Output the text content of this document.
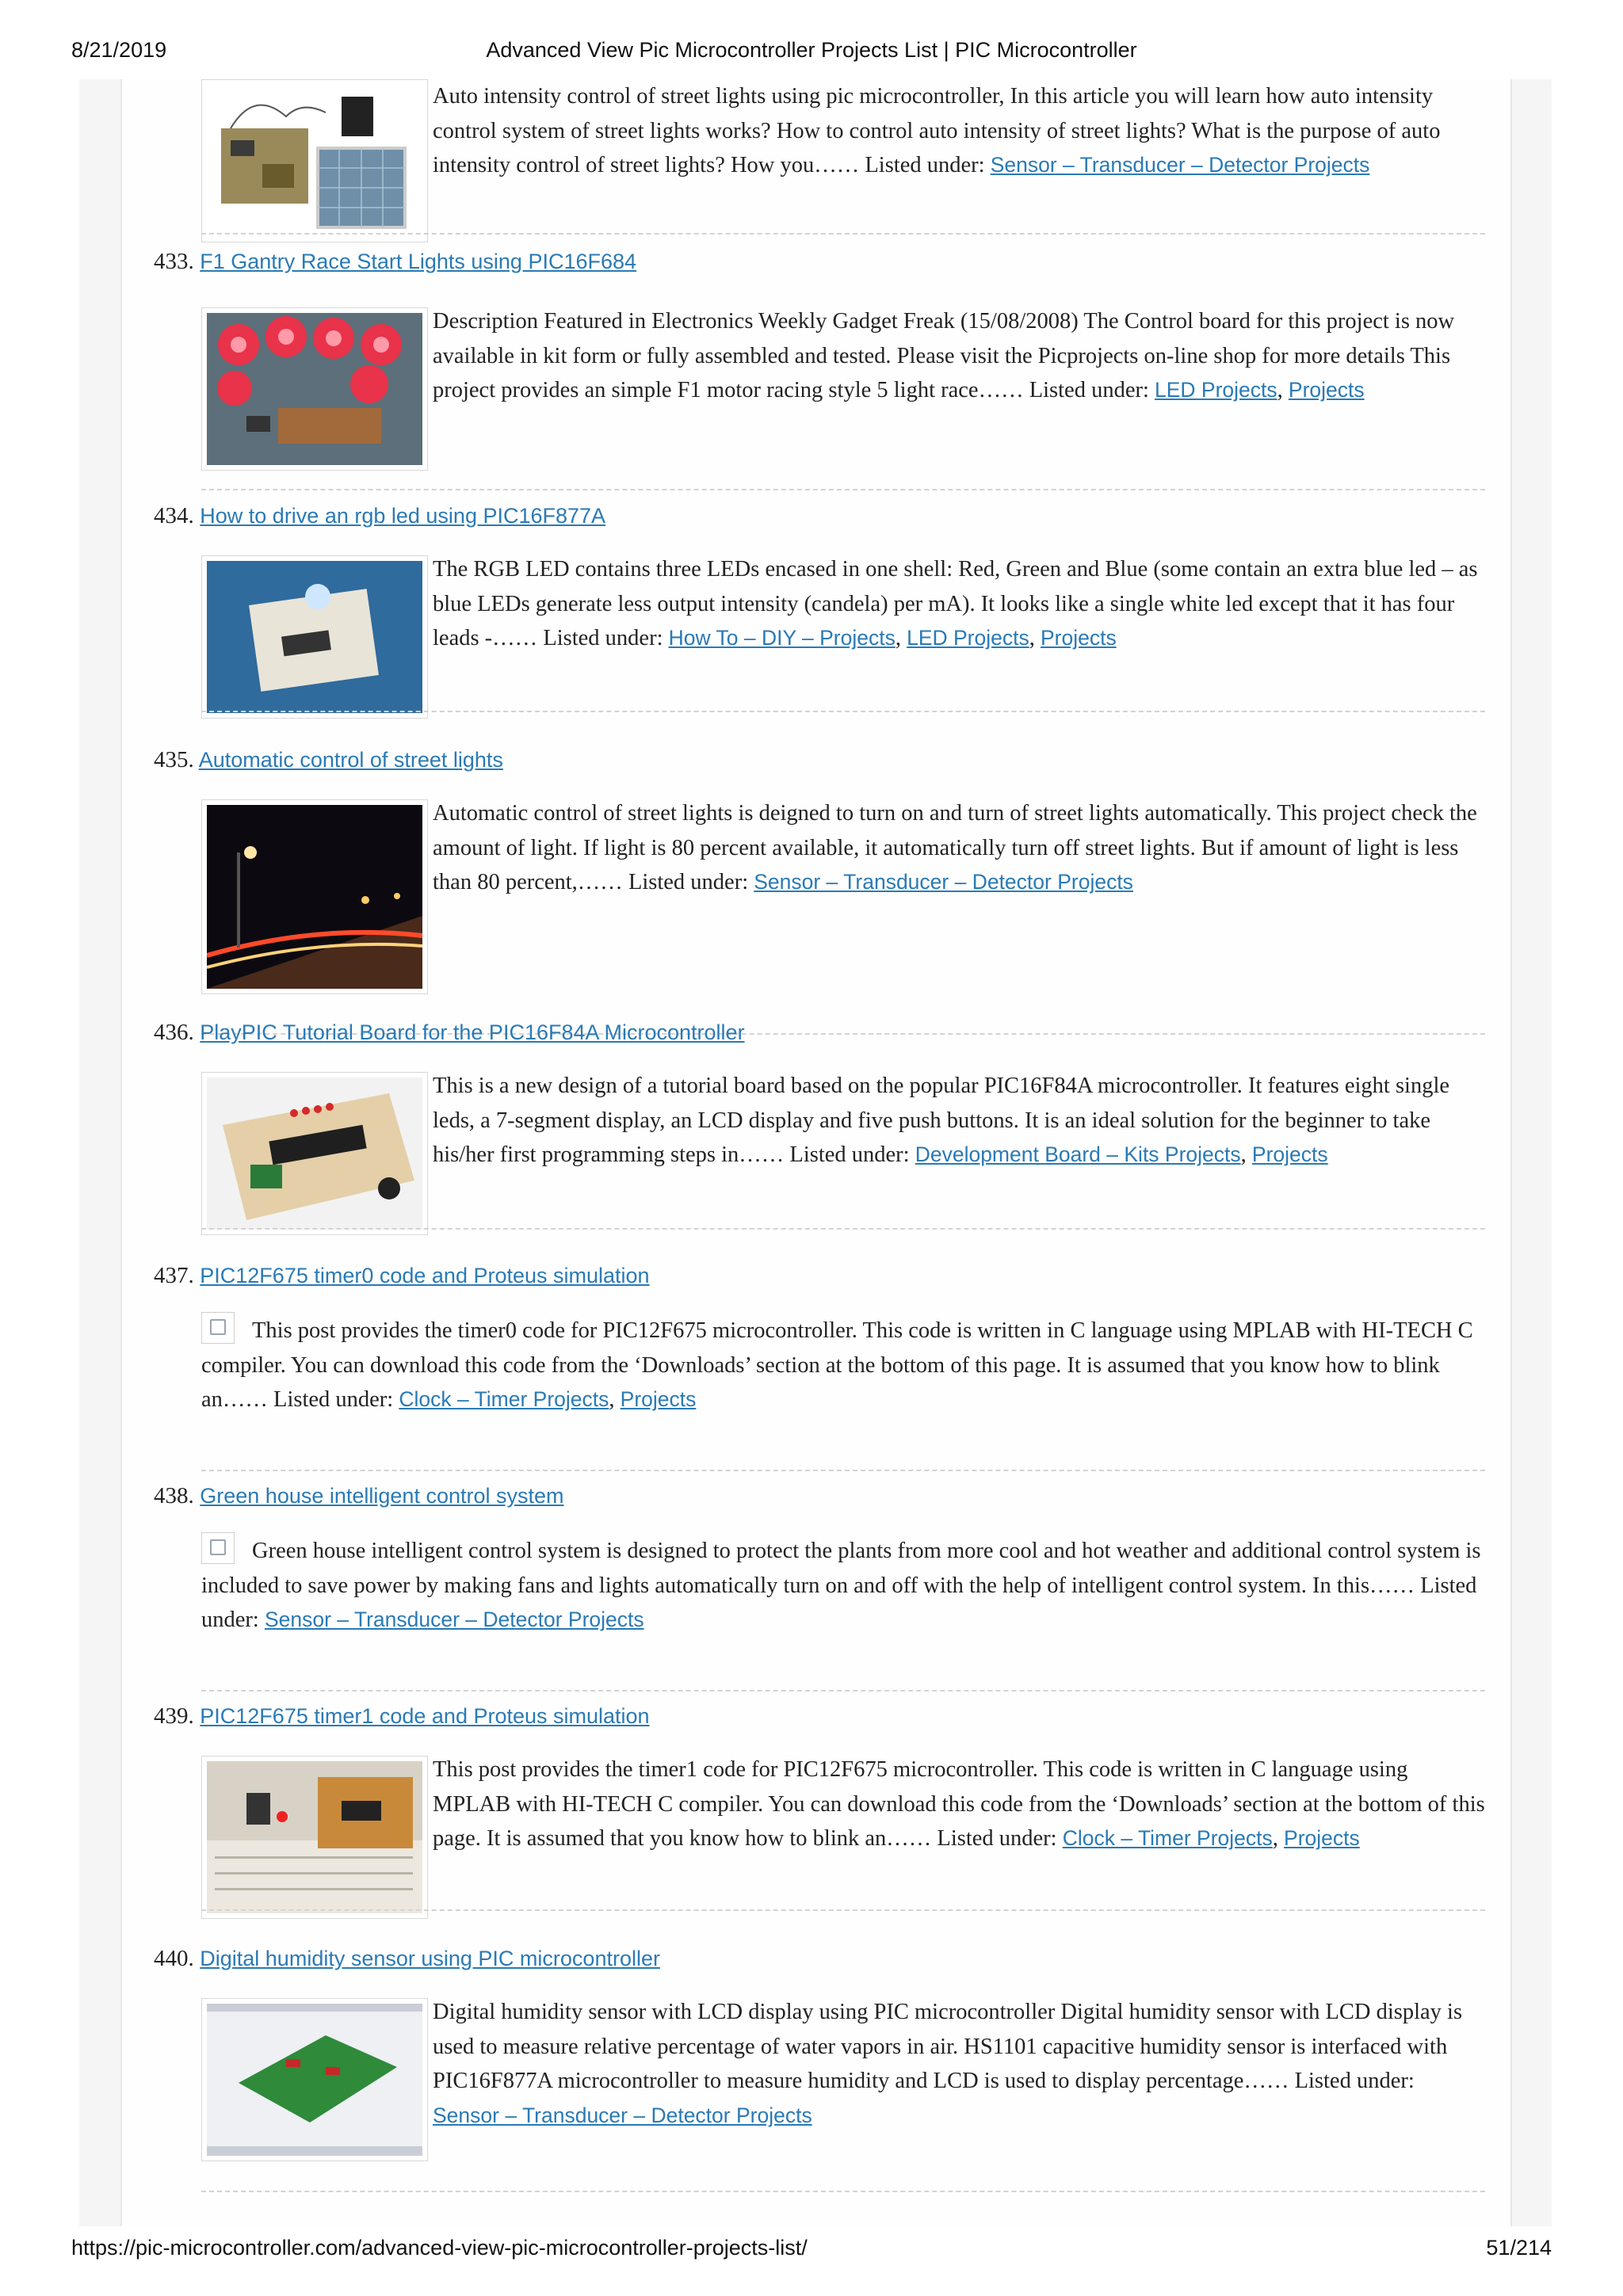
8/21/2019	Advanced View Pic Microcontroller Projects List | PIC Microcontroller
Auto intensity control of street lights using pic microcontroller, In this article you will learn how auto intensity control system of street lights works? How to control auto intensity of street lights? What is the purpose of auto intensity control of street lights? How you…… Listed under: Sensor – Transducer – Detector Projects
433. F1 Gantry Race Start Lights using PIC16F684
Description Featured in Electronics Weekly Gadget Freak (15/08/2008) The Control board for this project is now available in kit form or fully assembled and tested. Please visit the Picprojects on-line shop for more details This project provides an simple F1 motor racing style 5 light race…… Listed under: LED Projects, Projects
434. How to drive an rgb led using PIC16F877A
The RGB LED contains three LEDs encased in one shell: Red, Green and Blue (some contain an extra blue led – as blue LEDs generate less output intensity (candela) per mA). It looks like a single white led except that it has four leads -…… Listed under: How To – DIY – Projects, LED Projects, Projects
435. Automatic control of street lights
Automatic control of street lights is deigned to turn on and turn of street lights automatically. This project check the amount of light. If light is 80 percent available, it automatically turn off street lights. But if amount of light is less than 80 percent,…… Listed under: Sensor – Transducer – Detector Projects
436. PlayPIC Tutorial Board for the PIC16F84A Microcontroller
This is a new design of a tutorial board based on the popular PIC16F84A microcontroller. It features eight single leds, a 7-segment display, an LCD display and five push buttons. It is an ideal solution for the beginner to take his/her first programming steps in…… Listed under: Development Board – Kits Projects, Projects
437. PIC12F675 timer0 code and Proteus simulation
This post provides the timer0 code for PIC12F675 microcontroller. This code is written in C language using MPLAB with HI-TECH C compiler. You can download this code from the ‘Downloads’ section at the bottom of this page. It is assumed that you know how to blink an…… Listed under: Clock – Timer Projects, Projects
438. Green house intelligent control system
Green house intelligent control system is designed to protect the plants from more cool and hot weather and additional control system is included to save power by making fans and lights automatically turn on and off with the help of intelligent control system. In this…… Listed under: Sensor – Transducer – Detector Projects
439. PIC12F675 timer1 code and Proteus simulation
This post provides the timer1 code for PIC12F675 microcontroller. This code is written in C language using MPLAB with HI-TECH C compiler. You can download this code from the ‘Downloads’ section at the bottom of this page. It is assumed that you know how to blink an…… Listed under: Clock – Timer Projects, Projects
440. Digital humidity sensor using PIC microcontroller
Digital humidity sensor with LCD display using PIC microcontroller Digital humidity sensor with LCD display is used to measure relative percentage of water vapors in air. HS1101 capacitive humidity sensor is interfaced with PIC16F877A microcontroller to measure humidity and LCD is used to display percentage…… Listed under: Sensor – Transducer – Detector Projects
https://pic-microcontroller.com/advanced-view-pic-microcontroller-projects-list/	51/214
